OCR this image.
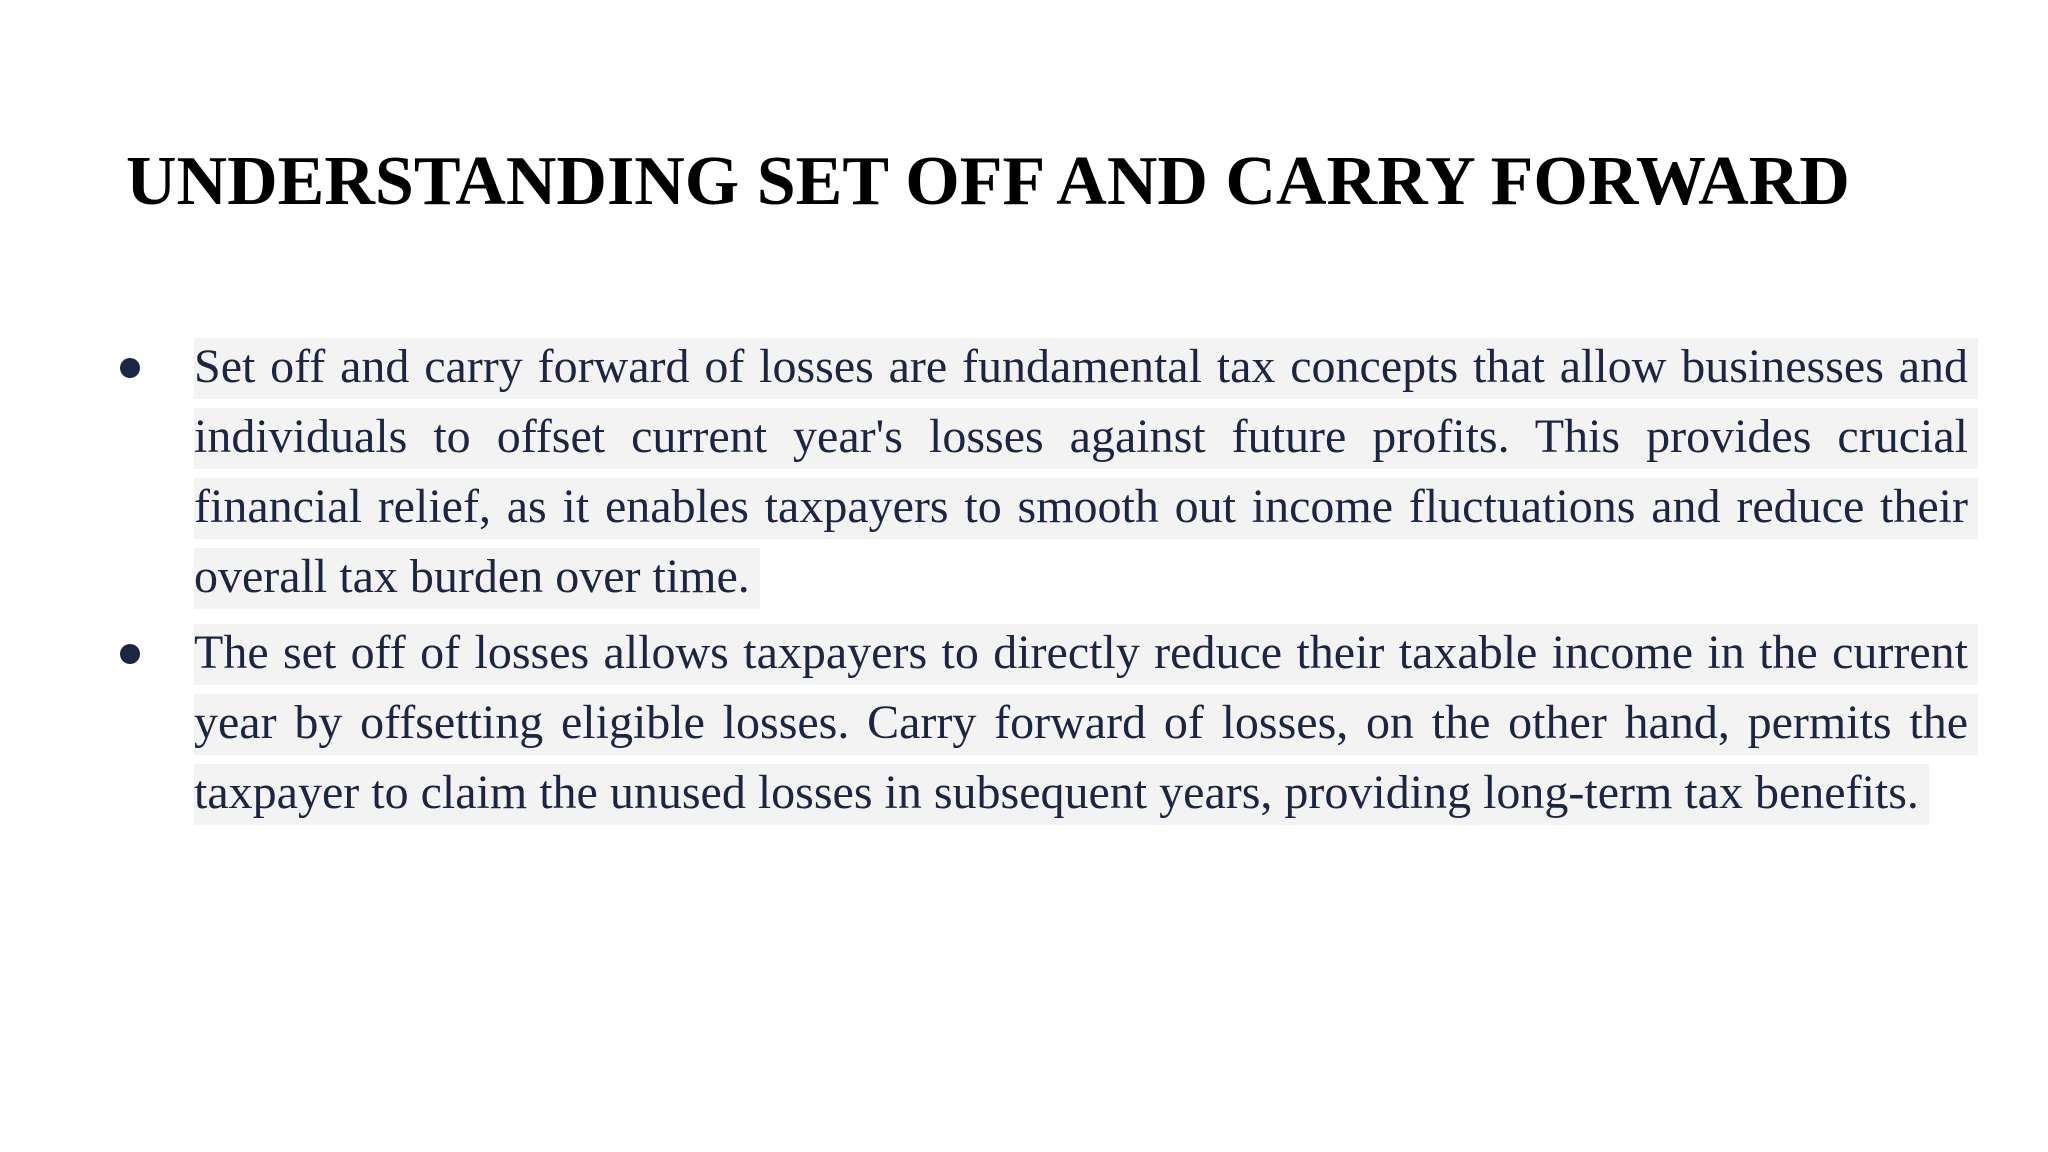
UNDERSTANDING SET OFF AND CARRY FORWARD
Set off and carry forward of losses are fundamental tax concepts that allow businesses and individuals to offset current year's losses against future profits. This provides crucial financial relief, as it enables taxpayers to smooth out income fluctuations and reduce their overall tax burden over time.
The set off of losses allows taxpayers to directly reduce their taxable income in the current year by offsetting eligible losses. Carry forward of losses, on the other hand, permits the taxpayer to claim the unused losses in subsequent years, providing long-term tax benefits.
